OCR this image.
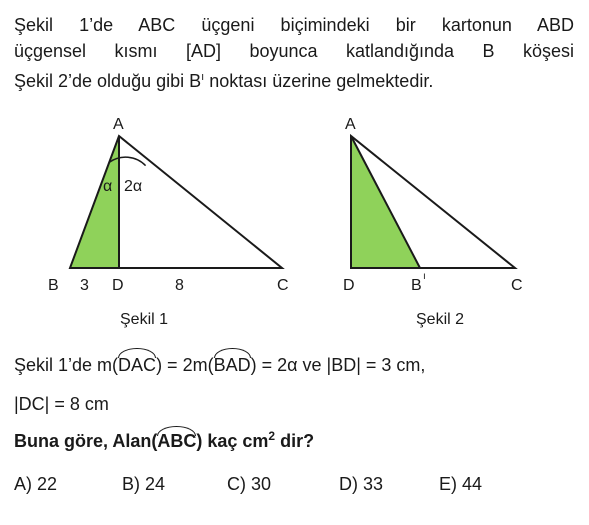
Şekil 1’de ABC üçgeni biçimindeki bir kartonun ABD
üçgensel kısmı [AD] boyunca katlandığında B köşesi
Şekil 2’de olduğu gibi $B^ı$ noktası üzerine gelmektedir.
A
B 3 D	8	C
α 2α
Şekil 1
A
D	B
ı
C
Şekil 2
Şekil 1’de m(DAC) = 2m(BAD) = 2α ve |BD| = 3 cm,
|DC| = 8 cm
Buna göre, Alan(ABC) kaç $cm^2$ dir?
A) 22	B) 24	C) 30	D) 33	E) 44
